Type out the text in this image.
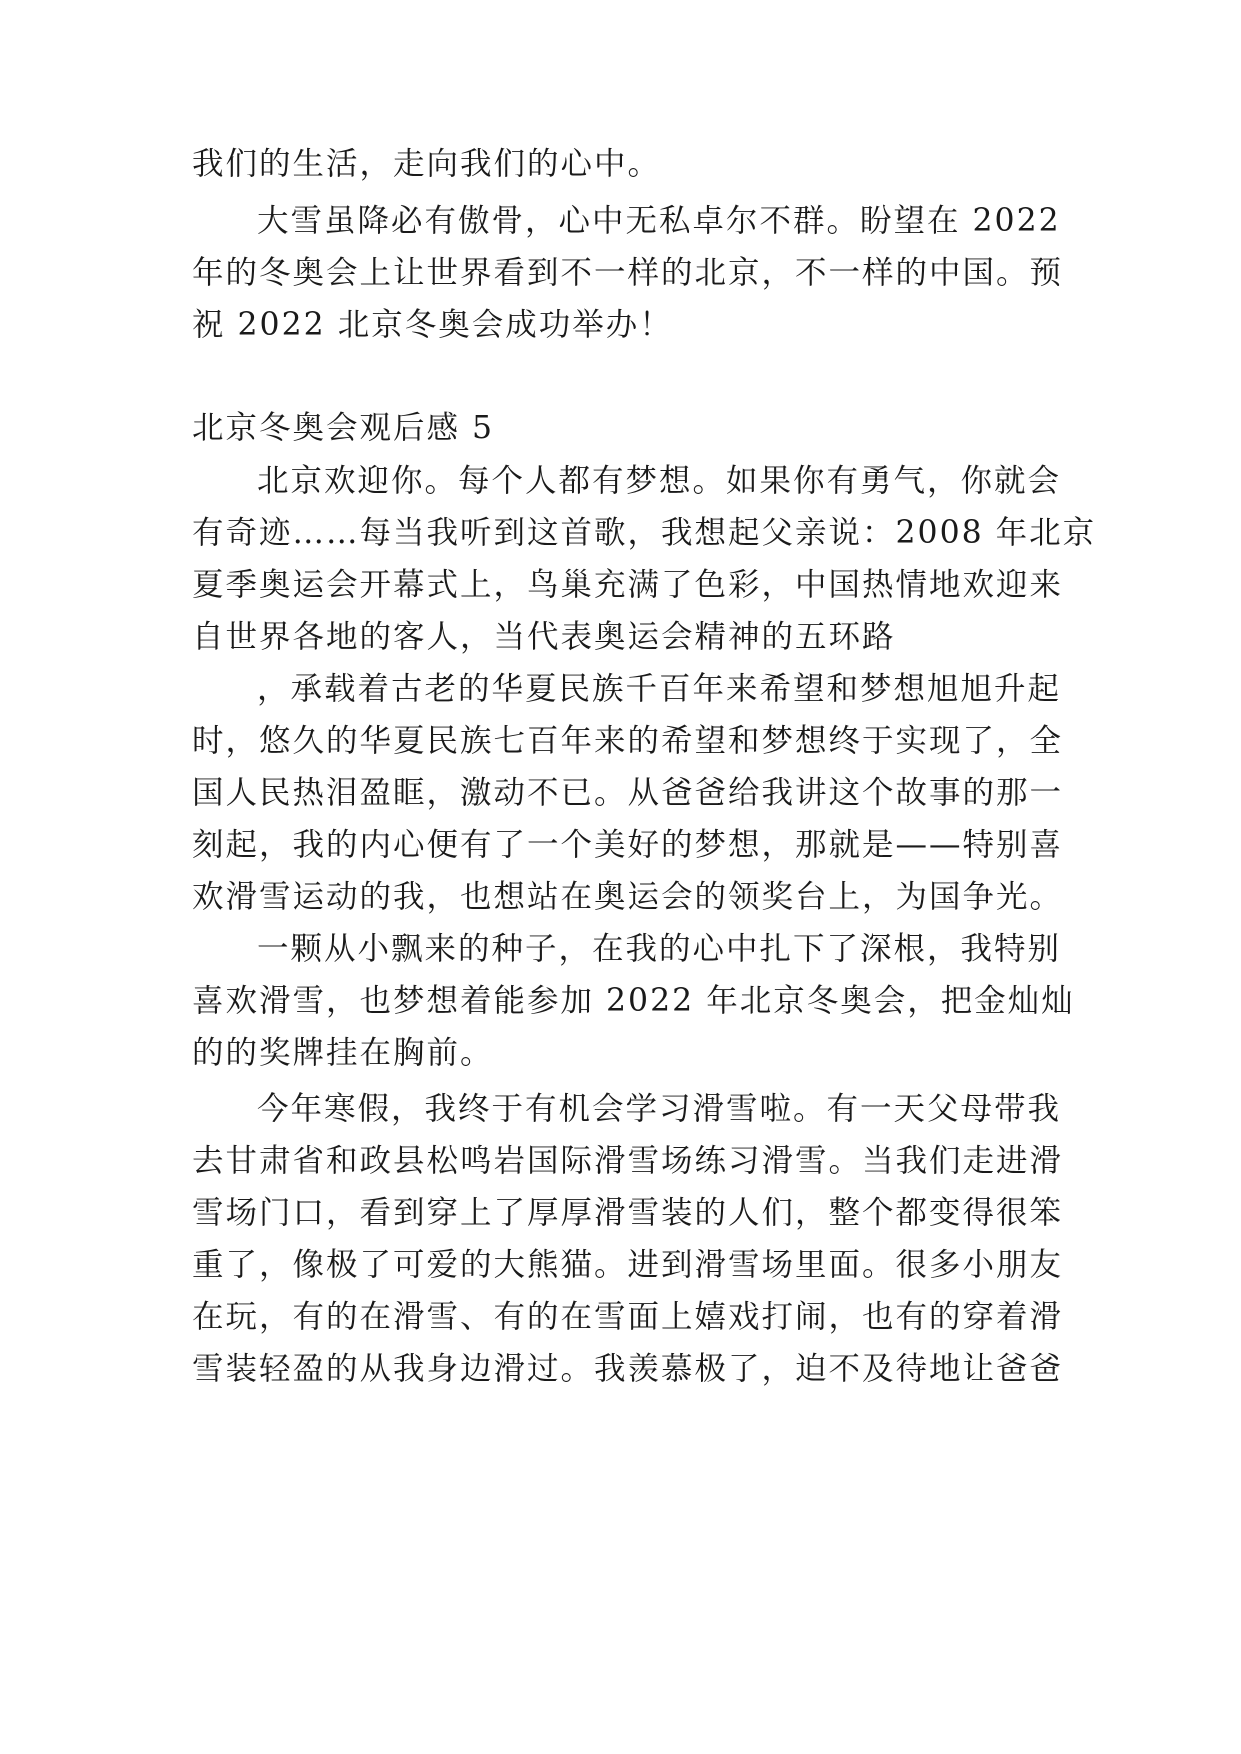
我们的生活，走向我们的心中。
大雪虽降必有傲骨，心中无私卓尔不群。盼望在 2022
年的冬奥会上让世界看到不一样的北京，不一样的中国。预
祝 2022 北京冬奥会成功举办！
北京冬奥会观后感 5
北京欢迎你。每个人都有梦想。如果你有勇气，你就会
有奇迹……每当我听到这首歌，我想起父亲说：2008 年北京
夏季奥运会开幕式上，鸟巢充满了色彩，中国热情地欢迎来
自世界各地的客人，当代表奥运会精神的五环路
，承载着古老的华夏民族千百年来希望和梦想旭旭升起
时，悠久的华夏民族七百年来的希望和梦想终于实现了，全
国人民热泪盈眶，激动不已。从爸爸给我讲这个故事的那一
刻起，我的内心便有了一个美好的梦想，那就是——特别喜
欢滑雪运动的我，也想站在奥运会的领奖台上，为国争光。
一颗从小飘来的种子，在我的心中扎下了深根，我特别
喜欢滑雪，也梦想着能参加 2022 年北京冬奥会，把金灿灿
的的奖牌挂在胸前。
今年寒假，我终于有机会学习滑雪啦。有一天父母带我
去甘肃省和政县松鸣岩国际滑雪场练习滑雪。当我们走进滑
雪场门口，看到穿上了厚厚滑雪装的人们，整个都变得很笨
重了，像极了可爱的大熊猫。进到滑雪场里面。很多小朋友
在玩，有的在滑雪、有的在雪面上嬉戏打闹，也有的穿着滑
雪装轻盈的从我身边滑过。我羡慕极了，迫不及待地让爸爸
